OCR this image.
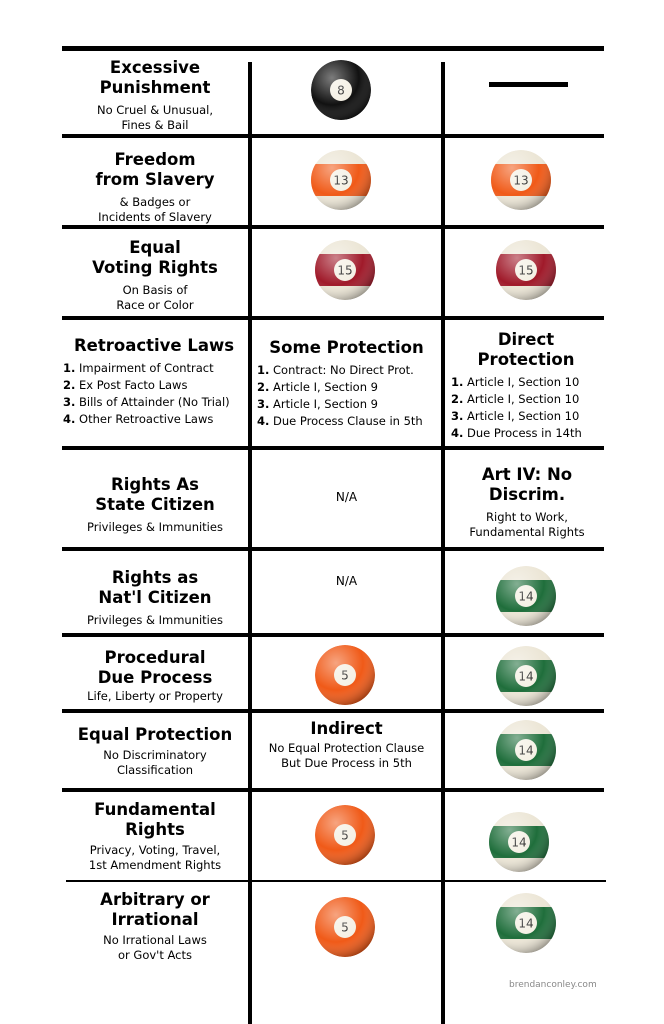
Excessive
Punishment
No Cruel & Unusual,
Fines & Bail
Freedom
from Slavery
& Badges or
Incidents of Slavery
Equal
Voting Rights
On Basis of
Race or Color
Retroactive Laws
1. Impairment of Contract
2. Ex Post Facto Laws
3. Bills of Attainder (No Trial)
4. Other Retroactive Laws
Some Protection
1. Contract: No Direct Prot.
2. Article I, Section 9
3. Article I, Section 9
4. Due Process Clause in 5th
Direct
Protection
1. Article I, Section 10
2. Article I, Section 10
3. Article I, Section 10
4. Due Process in 14th
Rights As
State Citizen
Privileges & Immunities
N/A
Art IV: No
Discrim.
Right to Work,
Fundamental Rights
Rights as
Nat'l Citizen
Privileges & Immunities
N/A
Procedural
Due Process
Life, Liberty or Property
Equal Protection
No Discriminatory
Classification
Indirect
No Equal Protection Clause
But Due Process in 5th
Fundamental
Rights
Privacy, Voting, Travel,
1st Amendment Rights
Arbitrary or
Irrational
No Irrational Laws
or Gov't Acts
brendanconley.com
